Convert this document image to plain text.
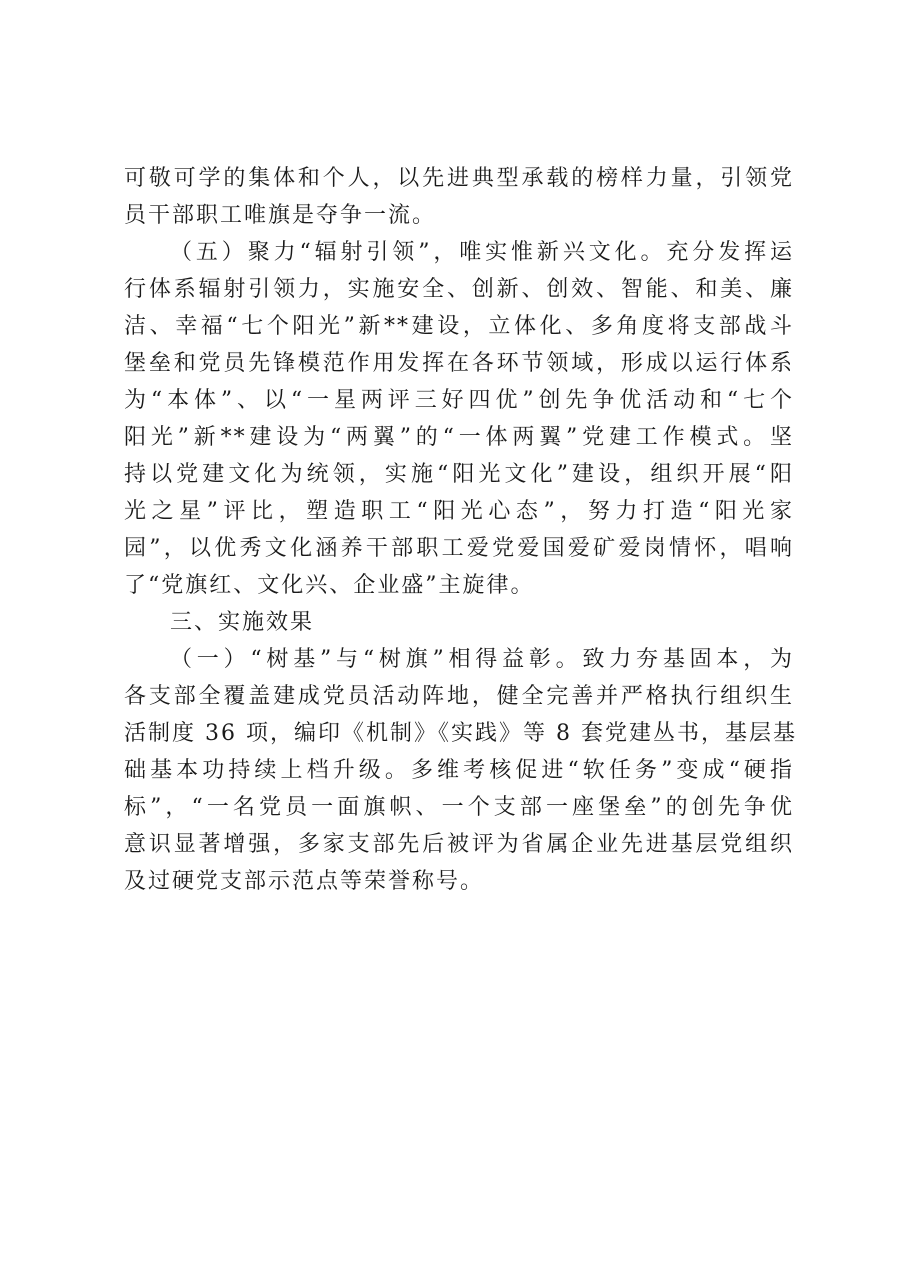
可敬可学的集体和个人，以先进典型承载的榜样力量，引领党
员干部职工唯旗是夺争一流。
（五）聚力“辐射引领”，唯实惟新兴文化。充分发挥运
行体系辐射引领力，实施安全、创新、创效、智能、和美、廉
洁、幸福“七个阳光”新**建设，立体化、多角度将支部战斗
堡垒和党员先锋模范作用发挥在各环节领域，形成以运行体系
为“本体”、以“一星两评三好四优”创先争优活动和“七个
阳光”新**建设为“两翼”的“一体两翼”党建工作模式。坚
持以党建文化为统领，实施“阳光文化”建设，组织开展“阳
光之星”评比，塑造职工“阳光心态”，努力打造“阳光家
园”，以优秀文化涵养干部职工爱党爱国爱矿爱岗情怀，唱响
了“党旗红、文化兴、企业盛”主旋律。
三、实施效果
（一）“树基”与“树旗”相得益彰。致力夯基固本，为
各支部全覆盖建成党员活动阵地，健全完善并严格执行组织生
活制度 36 项，编印《机制》《实践》等 8 套党建丛书，基层基
础基本功持续上档升级。多维考核促进“软任务”变成“硬指
标”，“一名党员一面旗帜、一个支部一座堡垒”的创先争优
意识显著增强，多家支部先后被评为省属企业先进基层党组织
及过硬党支部示范点等荣誉称号。
